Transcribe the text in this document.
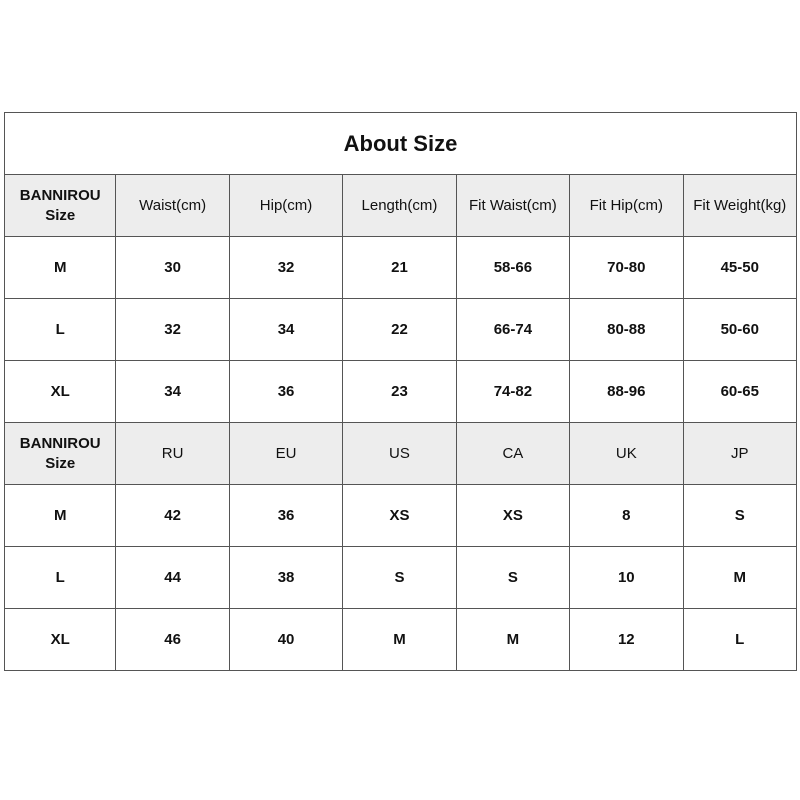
About Size						
BANNIROU Size	Waist(cm)	Hip(cm)	Length(cm)	Fit Waist(cm)	Fit Hip(cm)	Fit Weight(kg)
M	30	32	21	58-66	70-80	45-50
L	32	34	22	66-74	80-88	50-60
XL	34	36	23	74-82	88-96	60-65
BANNIROU Size	RU	EU	US	CA	UK	JP
M	42	36	XS	XS	8	S
L	44	38	S	S	10	M
XL	46	40	M	M	12	L
